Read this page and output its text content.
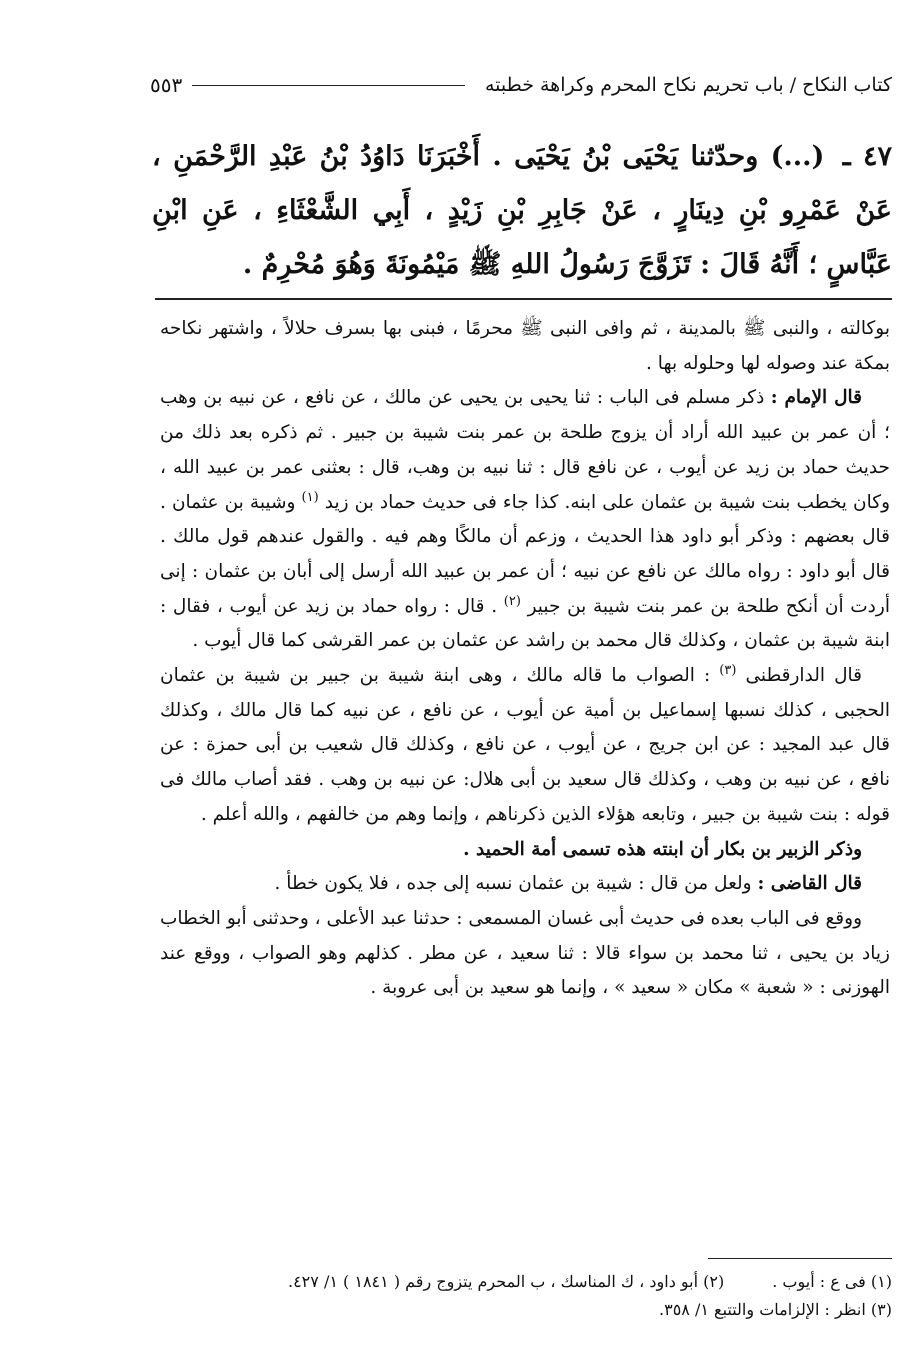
كتاب النكاح / باب تحريم نكاح المحرم وكراهة خطبته
٥٥٣
٤٧ ـ (...) وحدّثنا يَحْيَى بْنُ يَحْيَى . أَخْبَرَنَا دَاوُدُ بْنُ عَبْدِ الرَّحْمَنِ ، عَنْ عَمْرِو بْنِ دِينَارٍ ، عَنْ جَابِرِ بْنِ زَيْدٍ ، أَبِي الشَّعْثَاءِ ، عَنِ ابْنِ عَبَّاسٍ ؛ أَنَّهُ قَالَ : تَزَوَّجَ رَسُولُ اللهِ ﷺ مَيْمُونَةَ وَهُوَ مُحْرِمٌ .

بوكالته ، والنبى ﷺ بالمدينة ، ثم وافى النبى ﷺ محرمًا ، فبنى بها بسرف حلالاً ، واشتهر نكاحه بمكة عند وصوله لها وحلوله بها .

قال الإمام : ذكر مسلم فى الباب : ثنا يحيى بن يحيى عن مالك ، عن نافع ، عن نبيه بن وهب ؛ أن عمر بن عبيد الله أراد أن يزوج طلحة بن عمر بنت شيبة بن جبير . ثم ذكره بعد ذلك من حديث حماد بن زيد عن أيوب ، عن نافع قال : ثنا نبيه بن وهب، قال : بعثنى عمر بن عبيد الله ، وكان يخطب بنت شيبة بن عثمان على ابنه. كذا جاء فى حديث حماد بن زيد $^{(١)}$ وشيبة بن عثمان . قال بعضهم : وذكر أبو داود هذا الحديث ، وزعم أن مالكًا وهم فيه . والقول عندهم قول مالك . قال أبو داود : رواه مالك عن نافع عن نبيه ؛ أن عمر بن عبيد الله أرسل إلى أبان بن عثمان : إنى أردت أن أنكح طلحة بن عمر بنت شيبة بن جبير $^{(٢)}$ . قال : رواه حماد بن زيد عن أيوب ، فقال : ابنة شيبة بن عثمان ، وكذلك قال محمد بن راشد عن عثمان بن عمر القرشى كما قال أيوب .

قال الدارقطنى $^{(٣)}$ : الصواب ما قاله مالك ، وهى ابنة شيبة بن جبير بن شيبة بن عثمان الحجبى ، كذلك نسبها إسماعيل بن أمية عن أيوب ، عن نافع ، عن نبيه كما قال مالك ، وكذلك قال عبد المجيد : عن ابن جريج ، عن أيوب ، عن نافع ، وكذلك قال شعيب بن أبى حمزة : عن نافع ، عن نبيه بن وهب ، وكذلك قال سعيد بن أبى هلال: عن نبيه بن وهب . فقد أصاب مالك فى قوله : بنت شيبة بن جبير ، وتابعه هؤلاء الذين ذكرناهم ، وإنما وهم من خالفهم ، والله أعلم .

وذكر الزبير بن بكار أن ابنته هذه تسمى أمة الحميد .

قال القاضى : ولعل من قال : شيبة بن عثمان نسبه إلى جده ، فلا يكون خطأ .

ووقع فى الباب بعده فى حديث أبى غسان المسمعى : حدثنا عبد الأعلى ، وحدثنى أبو الخطاب زياد بن يحيى ، ثنا محمد بن سواء قالا : ثنا سعيد ، عن مطر . كذلهم وهو الصواب ، ووقع عند الهوزنى : « شعبة » مكان « سعيد » ، وإنما هو سعيد بن أبى عروبة .

(١) فى ع : أيوب .
(٢) أبو داود ، ك المناسك ، ب المحرم يتزوج رقم ( ١٨٤١ ) ١/ ٤٢٧.
(٣) انظر : الإلزامات والتتبع ١/ ٣٥٨.
